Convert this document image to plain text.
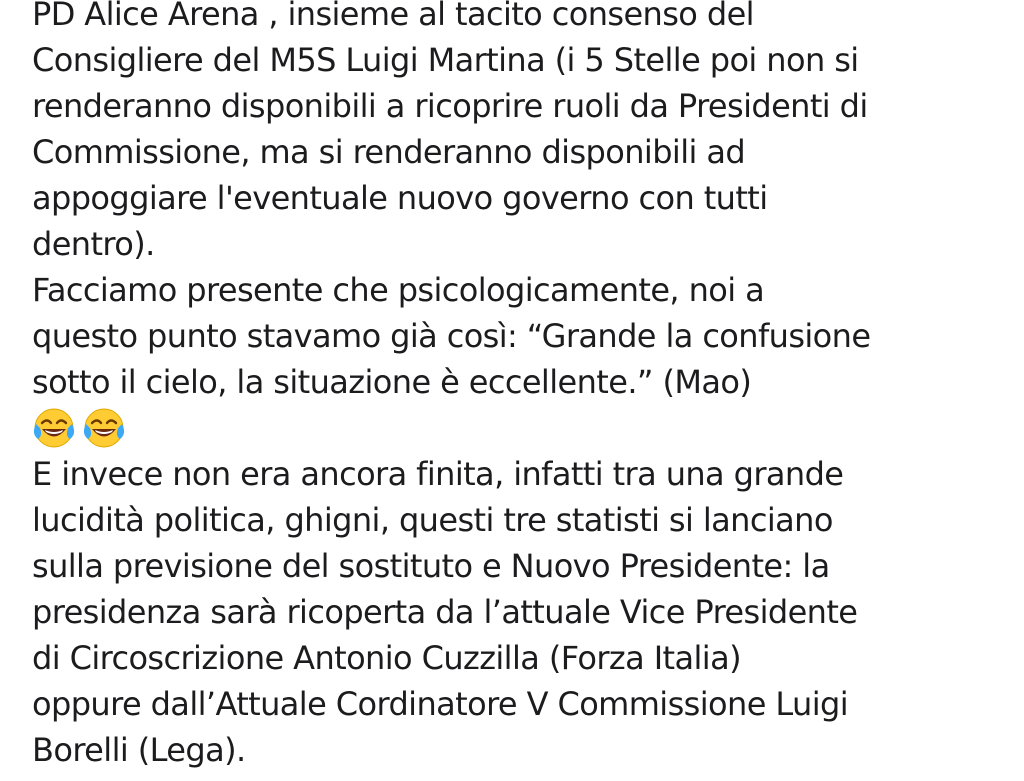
PD Alice Arena , insieme al tacito consenso del
Consigliere del M5S Luigi Martina (i 5 Stelle poi non si
renderanno disponibili a ricoprire ruoli da Presidenti di
Commissione, ma si renderanno disponibili ad
appoggiare l'eventuale nuovo governo con tutti
dentro).
Facciamo presente che psicologicamente, noi a
questo punto stavamo già così: “Grande la confusione
sotto il cielo, la situazione è eccellente.” (Mao)
E invece non era ancora finita, infatti tra una grande
lucidità politica, ghigni, questi tre statisti si lanciano
sulla previsione del sostituto e Nuovo Presidente: la
presidenza sarà ricoperta da l’attuale Vice Presidente
di Circoscrizione Antonio Cuzzilla (Forza Italia)
oppure dall’Attuale Cordinatore V Commissione Luigi
Borelli (Lega).
